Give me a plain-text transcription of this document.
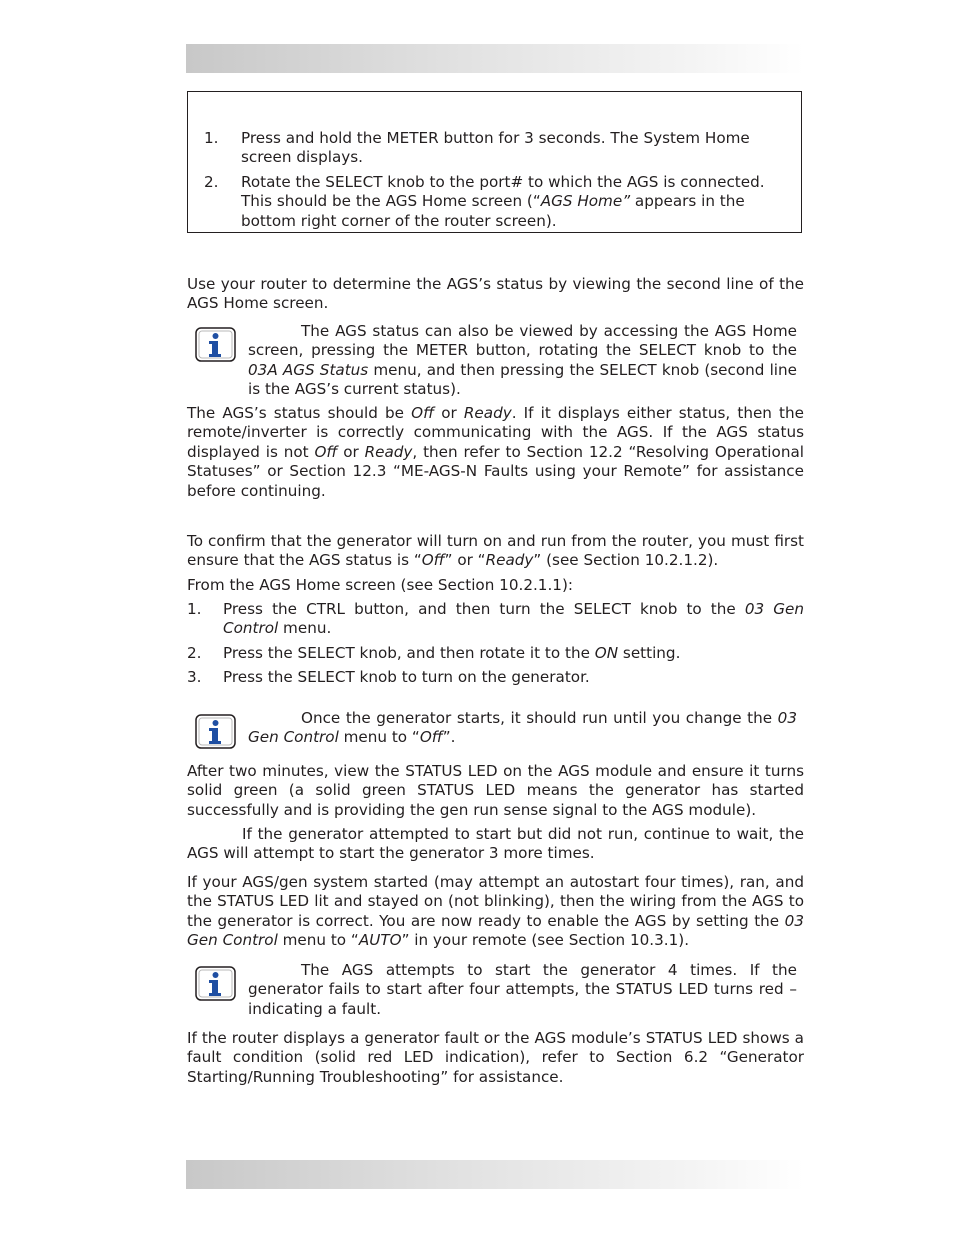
1. Press and hold the METER button for 3 seconds. The System Home screen displays.
2. Rotate the SELECT knob to the port# to which the AGS is connected. This should be the AGS Home screen (“AGS Home” appears in the bottom right corner of the router screen).

Use your router to determine the AGS’s status by viewing the second line of the AGS Home screen.

The AGS status can also be viewed by accessing the AGS Home screen, pressing the METER button, rotating the SELECT knob to the 03A AGS Status menu, and then pressing the SELECT knob (second line is the AGS’s current status).

The AGS’s status should be Off or Ready. If it displays either status, then the remote/inverter is correctly communicating with the AGS. If the AGS status displayed is not Off or Ready, then refer to Section 12.2 “Resolving Operational Statuses” or Section 12.3 “ME-AGS-N Faults using your Remote” for assistance before continuing.

To confirm that the generator will turn on and run from the router, you must first ensure that the AGS status is “Off” or “Ready” (see Section 10.2.1.2).

From the AGS Home screen (see Section 10.2.1.1):

1. Press the CTRL button, and then turn the SELECT knob to the 03 Gen Control menu.
2. Press the SELECT knob, and then rotate it to the ON setting.
3. Press the SELECT knob to turn on the generator.
Once the generator starts, it should run until you change the 03 Gen Control menu to “Off”.

After two minutes, view the STATUS LED on the AGS module and ensure it turns solid green (a solid green STATUS LED means the generator has started successfully and is providing the gen run sense signal to the AGS module).

If the generator attempted to start but did not run, continue to wait, the AGS will attempt to start the generator 3 more times.

If your AGS/gen system started (may attempt an autostart four times), ran, and the STATUS LED lit and stayed on (not blinking), then the wiring from the AGS to the generator is correct. You are now ready to enable the AGS by setting the 03 Gen Control menu to “AUTO” in your remote (see Section 10.3.1).

The AGS attempts to start the generator 4 times. If the generator fails to start after four attempts, the STATUS LED turns red – indicating a fault.

If the router displays a generator fault or the AGS module’s STATUS LED shows a fault condition (solid red LED indication), refer to Section 6.2 “Generator Starting/Running Troubleshooting” for assistance.
